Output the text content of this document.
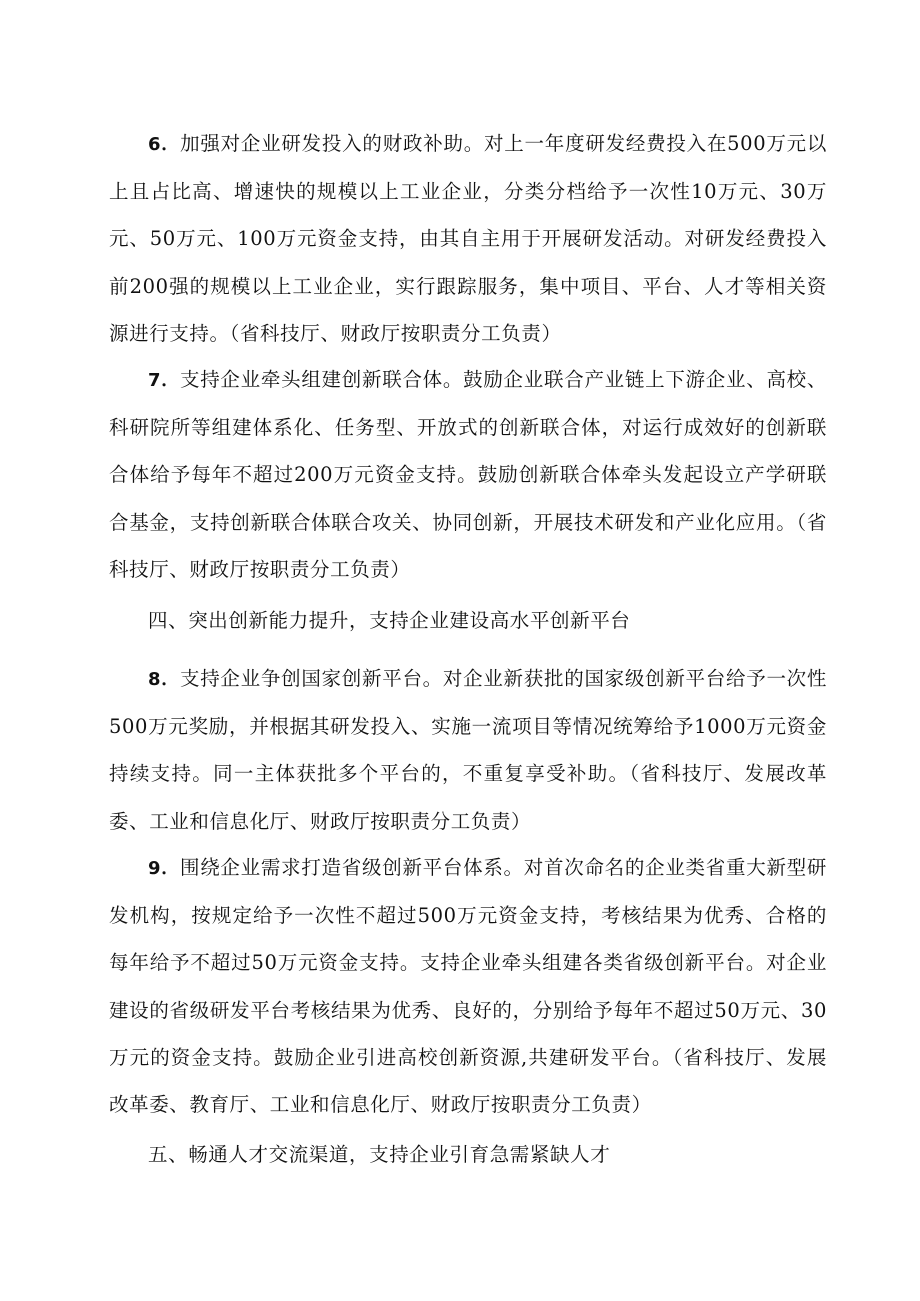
6．加强对企业研发投入的财政补助。对上一年度研发经费投入在500万元以上且占比高、增速快的规模以上工业企业，分类分档给予一次性10万元、30万元、50万元、100万元资金支持，由其自主用于开展研发活动。对研发经费投入前200强的规模以上工业企业，实行跟踪服务，集中项目、平台、人才等相关资源进行支持。（省科技厅、财政厅按职责分工负责）

7．支持企业牵头组建创新联合体。鼓励企业联合产业链上下游企业、高校、科研院所等组建体系化、任务型、开放式的创新联合体，对运行成效好的创新联合体给予每年不超过200万元资金支持。鼓励创新联合体牵头发起设立产学研联合基金，支持创新联合体联合攻关、协同创新，开展技术研发和产业化应用。（省科技厅、财政厅按职责分工负责）

四、突出创新能力提升，支持企业建设高水平创新平台

8．支持企业争创国家创新平台。对企业新获批的国家级创新平台给予一次性500万元奖励，并根据其研发投入、实施一流项目等情况统筹给予1000万元资金持续支持。同一主体获批多个平台的，不重复享受补助。（省科技厅、发展改革委、工业和信息化厅、财政厅按职责分工负责）

9．围绕企业需求打造省级创新平台体系。对首次命名的企业类省重大新型研发机构，按规定给予一次性不超过500万元资金支持，考核结果为优秀、合格的每年给予不超过50万元资金支持。支持企业牵头组建各类省级创新平台。对企业建设的省级研发平台考核结果为优秀、良好的，分别给予每年不超过50万元、30万元的资金支持。鼓励企业引进高校创新资源,共建研发平台。（省科技厅、发展改革委、教育厅、工业和信息化厅、财政厅按职责分工负责）

五、畅通人才交流渠道，支持企业引育急需紧缺人才
